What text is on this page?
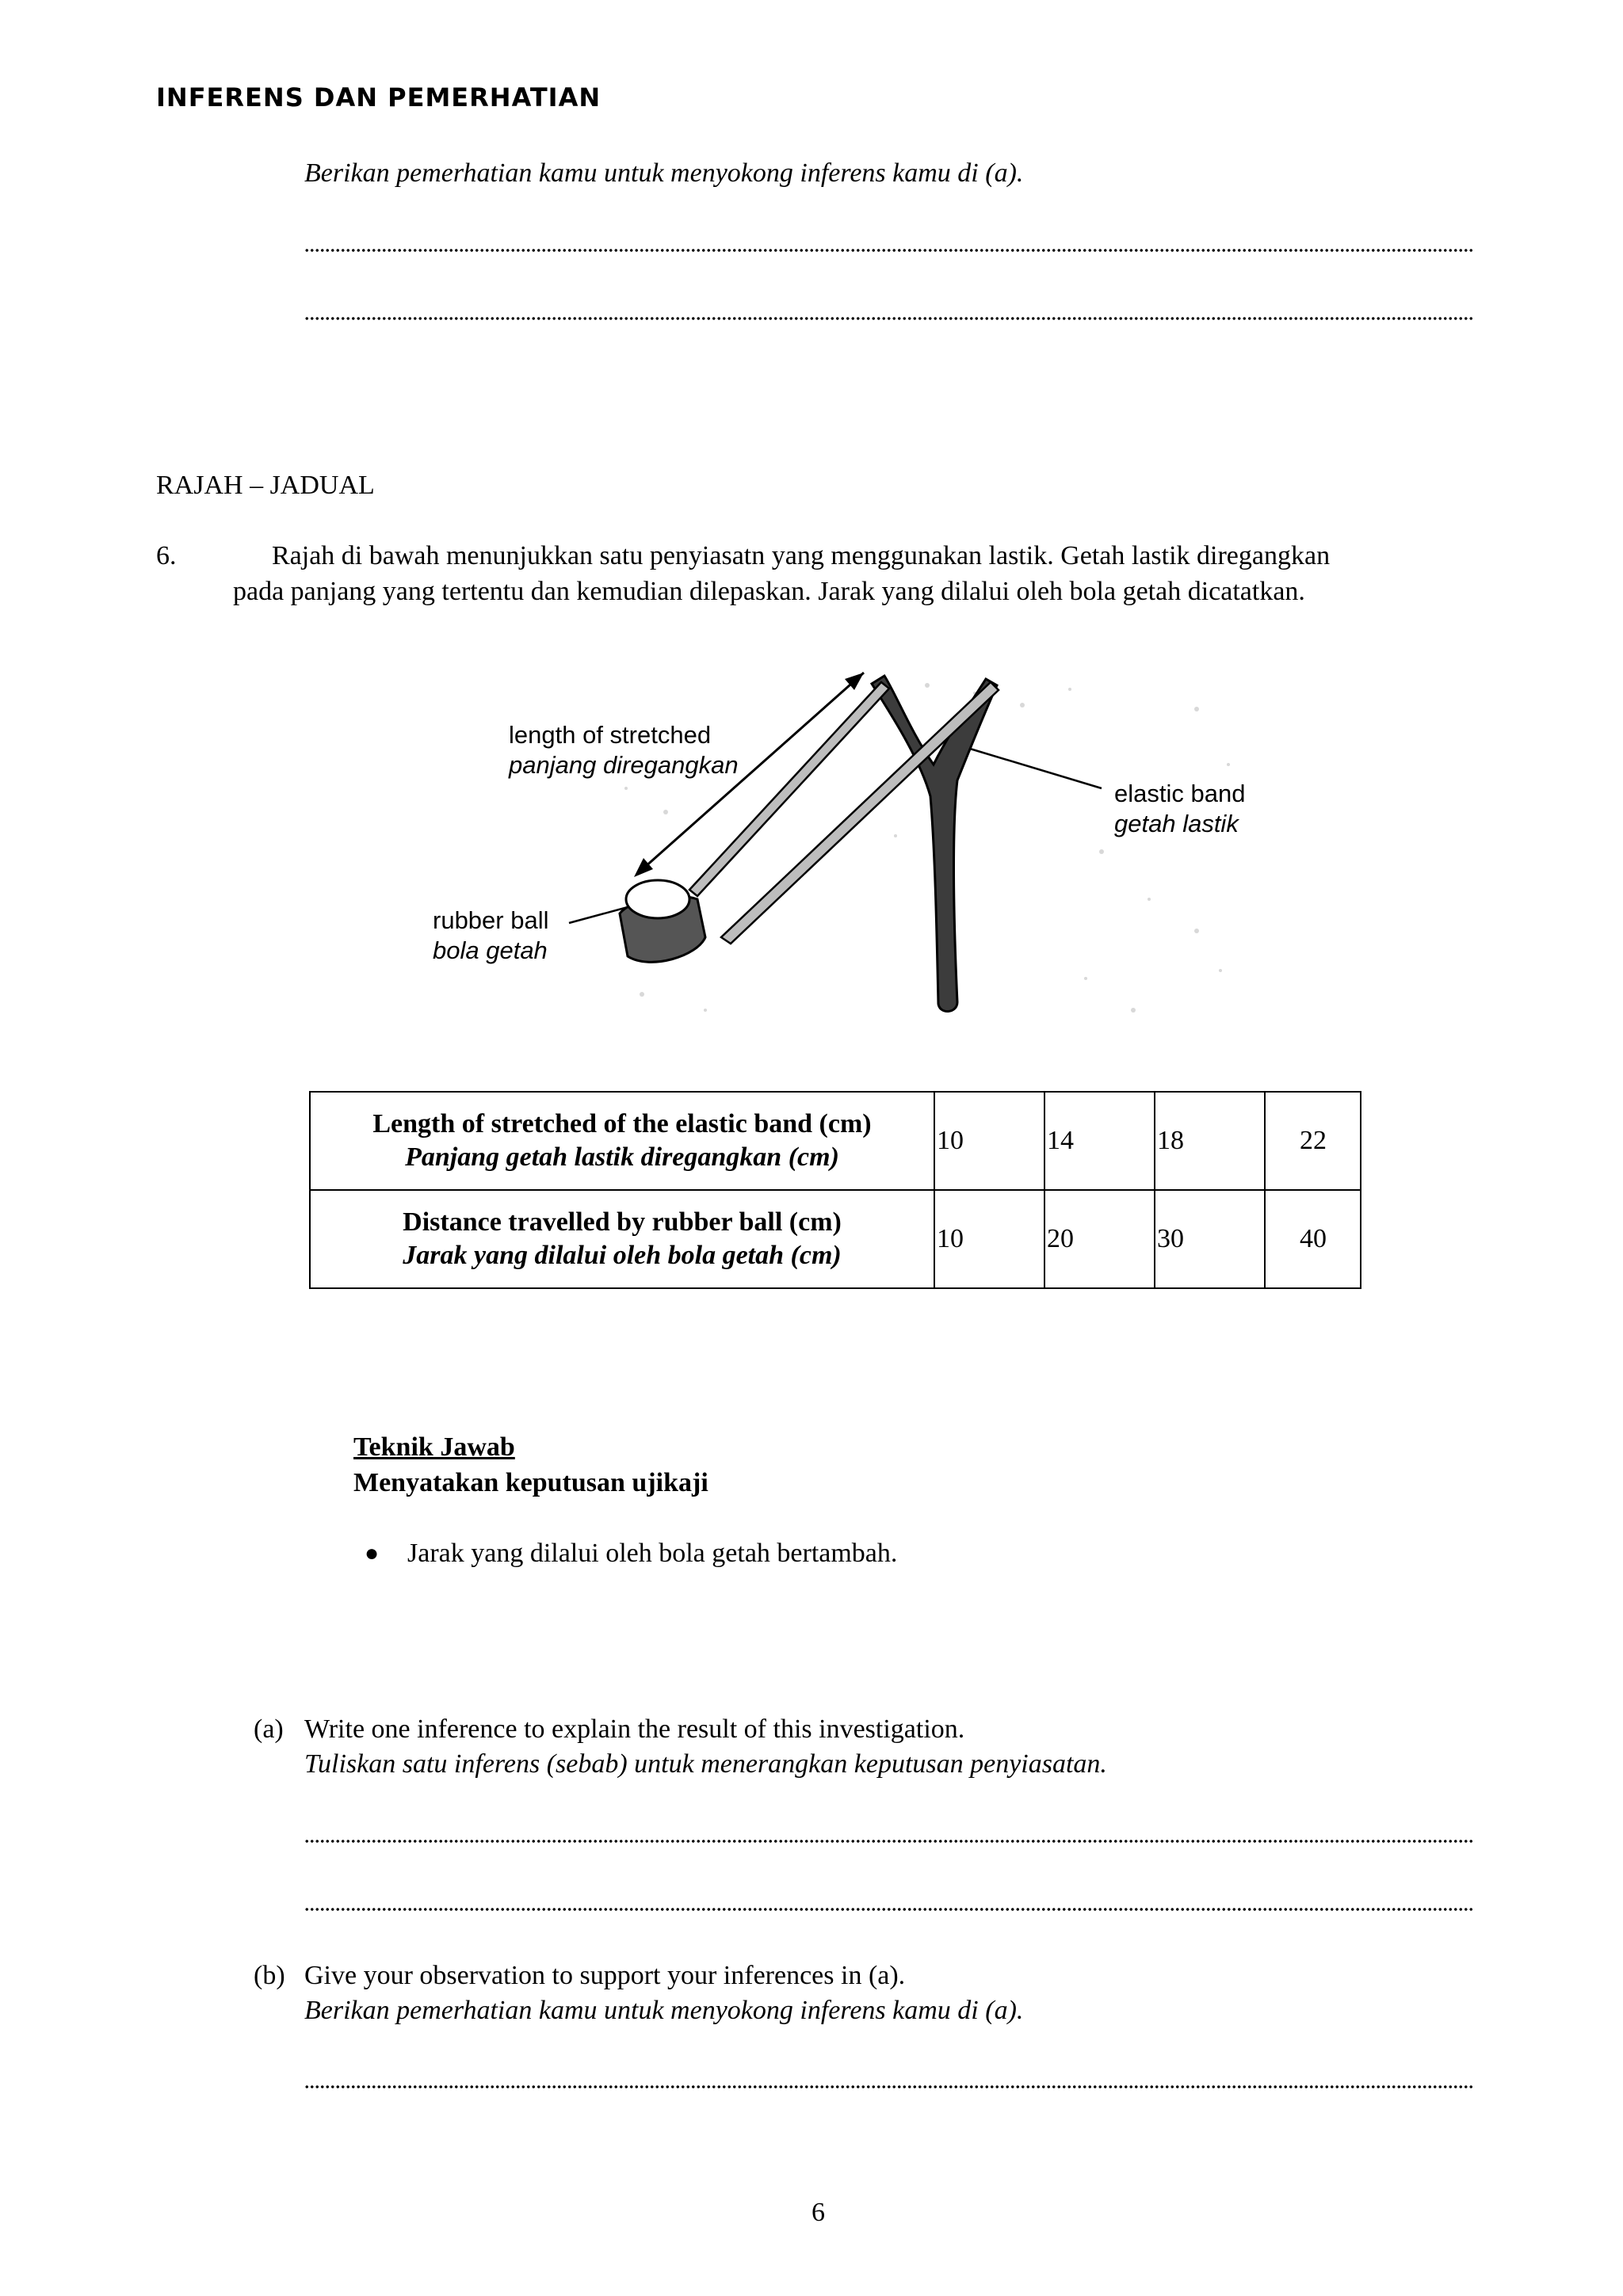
INFERENS DAN PEMERHATIAN
Berikan pemerhatian kamu untuk menyokong inferens kamu di (a).
RAJAH – JADUAL
6.	Rajah di bawah menunjukkan satu penyiasatn yang menggunakan lastik. Getah lastik diregangkan
pada panjang yang tertentu dan kemudian dilepaskan. Jarak yang dilalui oleh bola getah dicatatkan.
length of stretched
panjang diregangkan
elastic band
getah lastik
rubber ball
bola getah
Length of stretched of the elastic band (cm)
Panjang getah lastik diregangkan (cm)	10	14	18	22

Distance travelled by rubber ball (cm)
Jarak yang dilalui oleh bola getah (cm)	10	20	30	40
Teknik Jawab
Menyatakan keputusan ujikaji
● Jarak yang dilalui oleh bola getah bertambah.
(a) Write one inference to explain the result of this investigation.
Tuliskan satu inferens (sebab) untuk menerangkan keputusan penyiasatan.
(b) Give your observation to support your inferences in (a).
Berikan pemerhatian kamu untuk menyokong inferens kamu di (a).
6
